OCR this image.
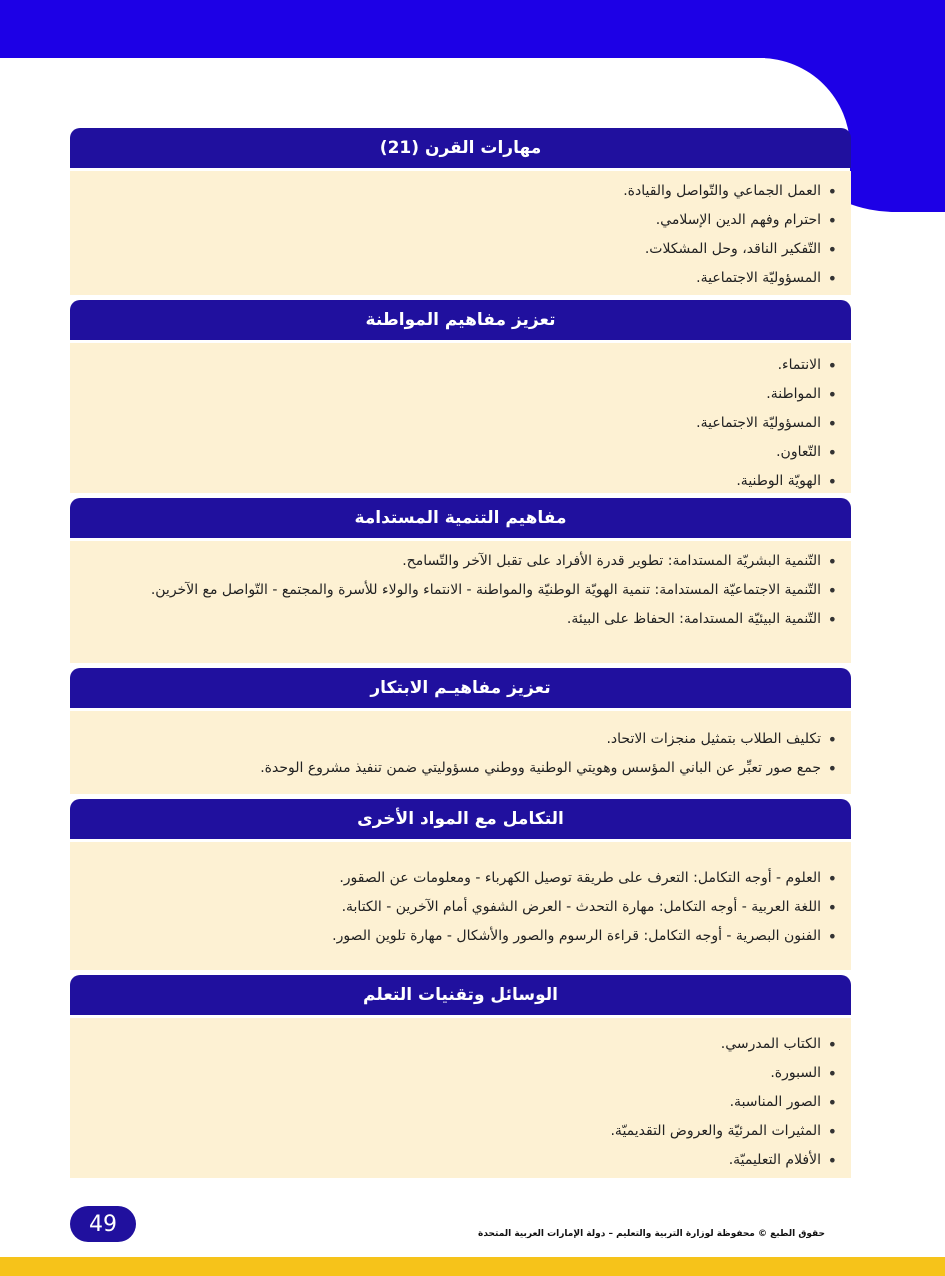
مهارات القرن (21)
• العمل الجماعي والتّواصل والقيادة.
• احترام وفهم الدين الإسلامي.
• التّفكير الناقد، وحل المشكلات.
• المسؤوليّة الاجتماعية.
تعزيز مفاهيم المواطنة
• الانتماء.
• المواطنة.
• المسؤوليّة الاجتماعية.
• التّعاون.
• الهويّة الوطنية.
مفاهيم التنمية المستدامة
• التّنمية البشريّة المستدامة: تطوير قدرة الأفراد على تقبل الآخر والتّسامح.
• التّنمية الاجتماعيّة المستدامة: تنمية الهويّة الوطنيّة والمواطنة - الانتماء والولاء للأسرة والمجتمع - التّواصل مع الآخرين.
• التّنمية البيئيّة المستدامة: الحفاظ على البيئة.
تعزيز مفاهيـم الابتكار
• تكليف الطلاب بتمثيل منجزات الاتحاد.
• جمع صور تعبِّر عن الباني المؤسس وهويتي الوطنية ووطني مسؤوليتي ضمن تنفيذ مشروع الوحدة.
التكامل مع المواد الأخرى
• العلوم - أوجه التكامل: التعرف على طريقة توصيل الكهرباء - ومعلومات عن الصقور.
• اللغة العربية - أوجه التكامل: مهارة التحدث - العرض الشفوي أمام الآخرين - الكتابة.
• الفنون البصرية - أوجه التكامل: قراءة الرسوم والصور والأشكال - مهارة تلوين الصور.
الوسائل وتقنيات التعلم
• الكتاب المدرسي.
• السبورة.
• الصور المناسبة.
• المثيرات المرئيّة والعروض التقديميّة.
• الأفلام التعليميّة.
49	حقوق الطبع © محفوظة لوزارة التربية والتعليم – دولة الإمارات العربية المتحدة
